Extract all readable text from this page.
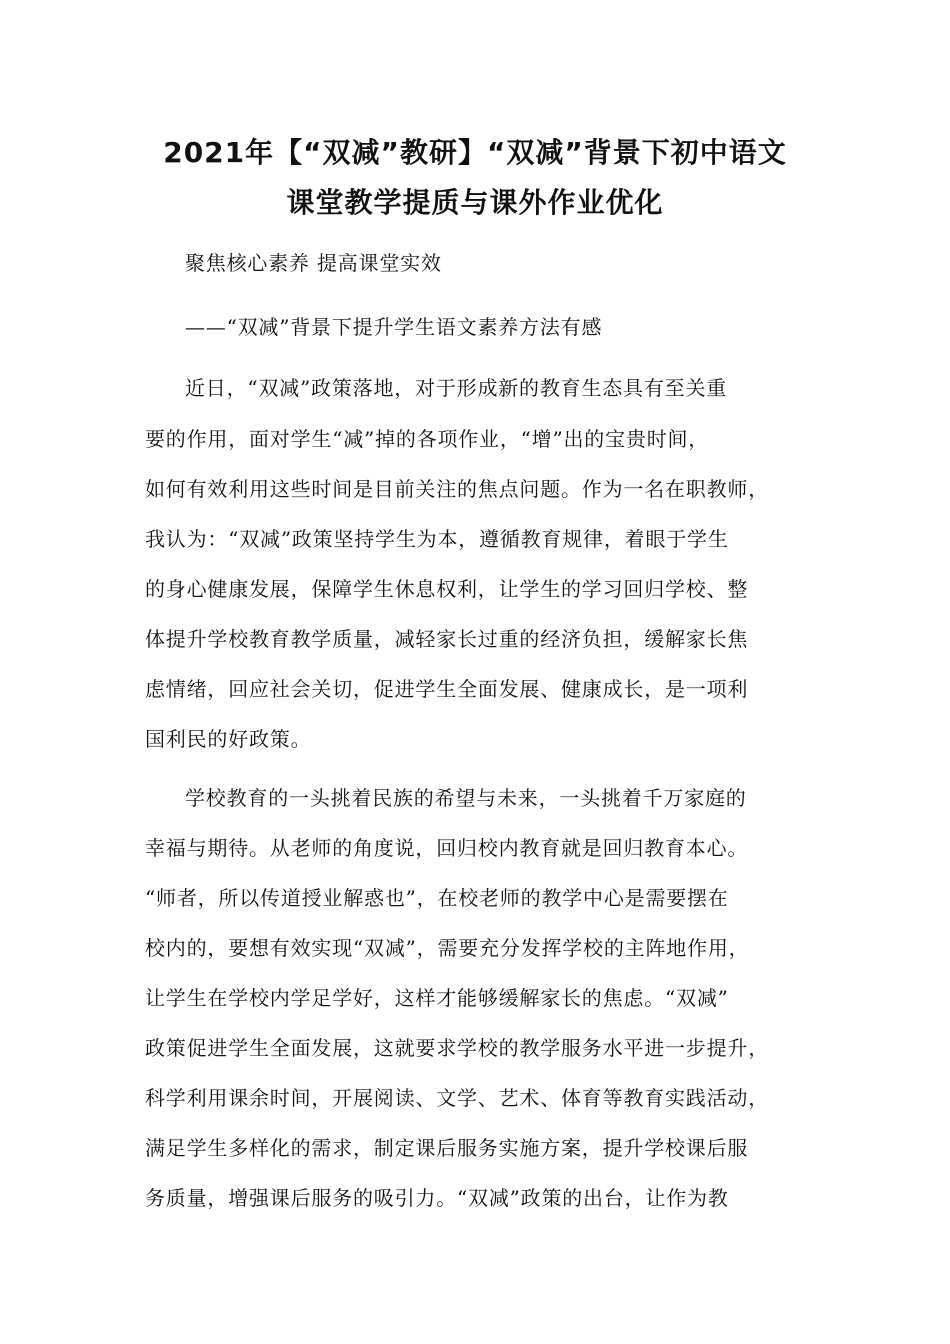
2021年【“双减”教研】“双减”背景下初中语文
课堂教学提质与课外作业优化
聚焦核心素养 提高课堂实效
——“双减”背景下提升学生语文素养方法有感
近日，“双减”政策落地，对于形成新的教育生态具有至关重
要的作用，面对学生“减”掉的各项作业，“增”出的宝贵时间，
如何有效利用这些时间是目前关注的焦点问题。作为一名在职教师，
我认为：“双减”政策坚持学生为本，遵循教育规律，着眼于学生
的身心健康发展，保障学生休息权利，让学生的学习回归学校、整
体提升学校教育教学质量，减轻家长过重的经济负担，缓解家长焦
虑情绪，回应社会关切，促进学生全面发展、健康成长，是一项利
国利民的好政策。
学校教育的一头挑着民族的希望与未来，一头挑着千万家庭的
幸福与期待。从老师的角度说，回归校内教育就是回归教育本心。
“师者，所以传道授业解惑也”，在校老师的教学中心是需要摆在
校内的，要想有效实现“双减”，需要充分发挥学校的主阵地作用，
让学生在学校内学足学好，这样才能够缓解家长的焦虑。“双减”
政策促进学生全面发展，这就要求学校的教学服务水平进一步提升，
科学利用课余时间，开展阅读、文学、艺术、体育等教育实践活动，
满足学生多样化的需求，制定课后服务实施方案，提升学校课后服
务质量，增强课后服务的吸引力。“双减”政策的出台，让作为教
